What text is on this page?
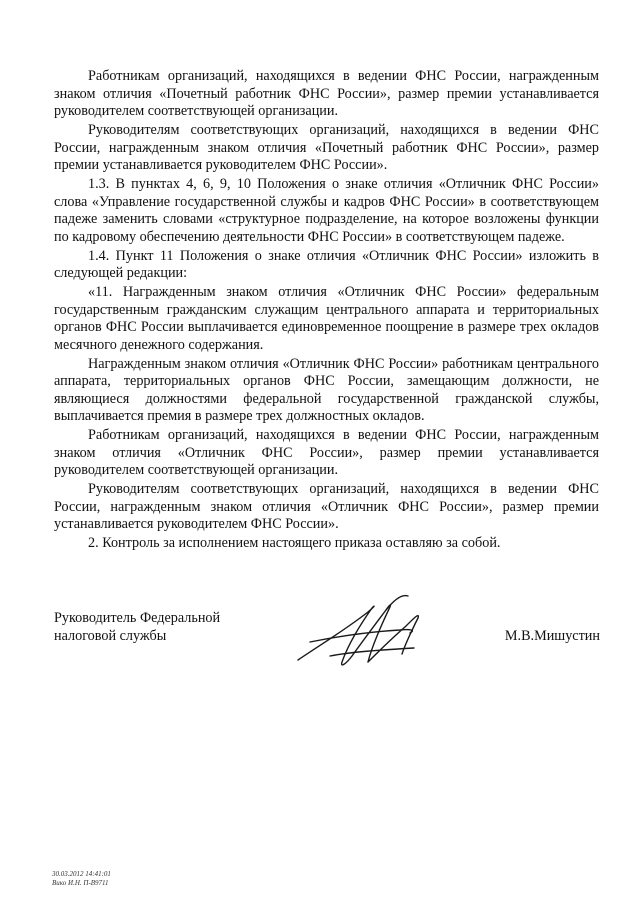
Работникам организаций, находящихся в ведении ФНС России, награжденным знаком отличия «Почетный работник ФНС России», размер премии устанавливается руководителем соответствующей организации.

Руководителям соответствующих организаций, находящихся в ведении ФНС России, награжденным знаком отличия «Почетный работник ФНС России», размер премии устанавливается руководителем ФНС России».

1.3. В пунктах 4, 6, 9, 10 Положения о знаке отличия «Отличник ФНС России» слова «Управление государственной службы и кадров ФНС России» в соответствующем падеже заменить словами «структурное подразделение, на которое возложены функции по кадровому обеспечению деятельности ФНС России» в соответствующем падеже.

1.4. Пункт 11 Положения о знаке отличия «Отличник ФНС России» изложить в следующей редакции:

«11. Награжденным знаком отличия «Отличник ФНС России» федеральным государственным гражданским служащим центрального аппарата и территориальных органов ФНС России выплачивается единовременное поощрение в размере трех окладов месячного денежного содержания.

Награжденным знаком отличия «Отличник ФНС России» работникам центрального аппарата, территориальных органов ФНС России, замещающим должности, не являющиеся должностями федеральной государственной гражданской службы, выплачивается премия в размере трех должностных окладов.

Работникам организаций, находящихся в ведении ФНС России, награжденным знаком отличия «Отличник ФНС России», размер премии устанавливается руководителем соответствующей организации.

Руководителям соответствующих организаций, находящихся в ведении ФНС России, награжденным знаком отличия «Отличник ФНС России», размер премии устанавливается руководителем ФНС России».

2. Контроль за исполнением настоящего приказа оставляю за собой.

Руководитель Федеральной
налоговой службы	М.В.Мишустин
30.03.2012 14:41:01
Вико И.Н. П-В9711
